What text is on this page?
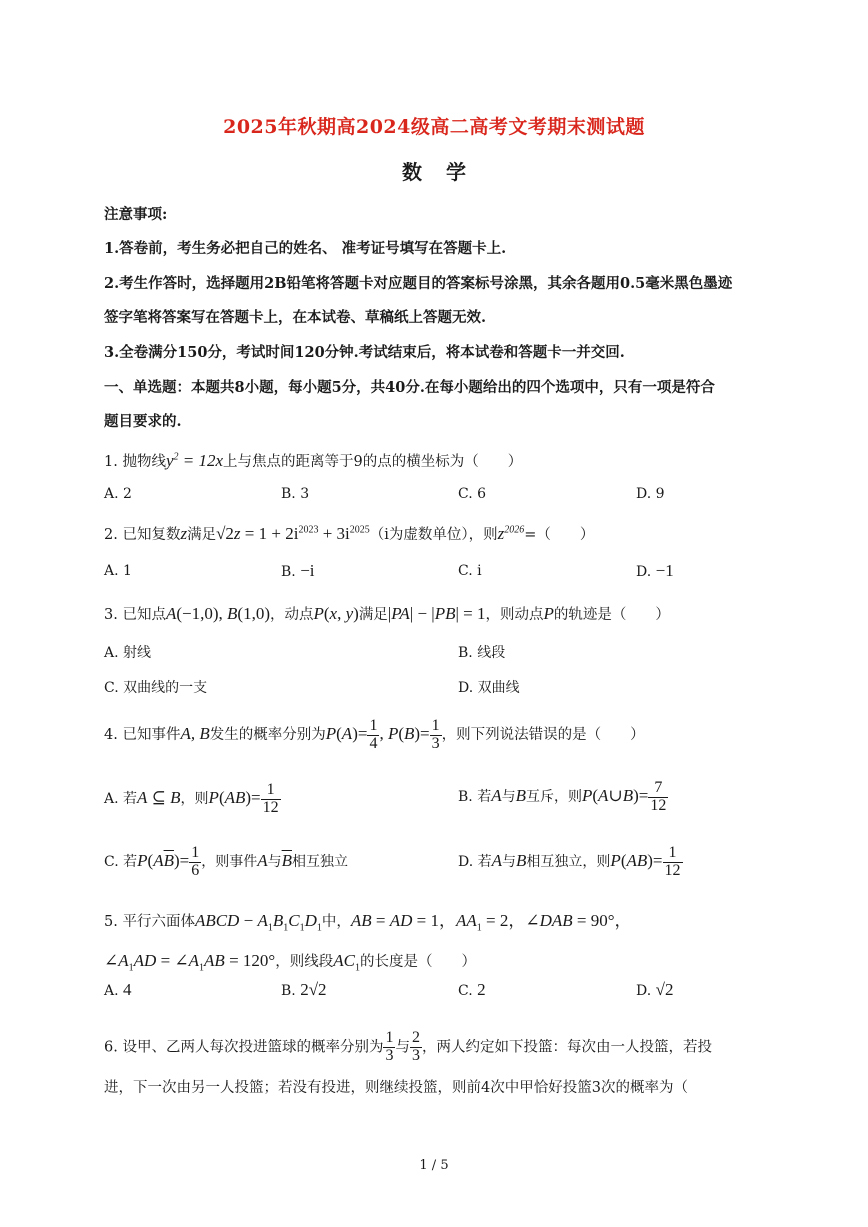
2025年秋期高2024级高二高考文考期末测试题
数学
注意事项:
1.答卷前，考生务必把自己的姓名、 准考证号填写在答题卡上.
2.考生作答时，选择题用2B铅笔将答题卡对应题目的答案标号涂黑，其余各题用0.5毫米黑色墨迹
签字笔将答案写在答题卡上，在本试卷、草稿纸上答题无效.
3.全卷满分150分，考试时间120分钟.考试结束后，将本试卷和答题卡一并交回.
一、单选题：本题共8小题，每小题5分，共40分.在每小题给出的四个选项中，只有一项是符合
题目要求的.
1. 抛物线$y^2 = 12x$上与焦点的距离等于9的点的横坐标为（　　）
A. 2	B. 3	C. 6	D. 9
2. 已知复数z满足$√2z = 1 + 2i^{2023} + 3i^{2025}(i$为虚数单位），则$z^{2026}=$（　　）
A. 1	B. −i	C. i	D. −1
3. 已知点A(−1,0), B(1,0)，动点P(x, y)满足|PA| − |PB| = 1，则动点P的轨迹是（　　）
A. 射线	B. 线段
C. 双曲线的一支	D. 双曲线
4. 已知事件A, B发生的概率分别为$P(A)= \frac{1}{4}$ , $P(B)= \frac{1}{3}$ ，则下列说法错误的是（　　）
A. 若A ⊆ B，则$P(AB)= \frac{1}{12}$	B. 若A与B互斥，则P(A∪B)= $\frac{7}{12}$
C. 若$P(A\overline{B})= \frac{1}{6}$ ，则事件A与$\overline{B}$相互独立	D. 若A与B相互独立，则$P(AB)= \frac{1}{12}$
5. 平行六面体ABCD − $A_1B_1C_1D_1$中，AB = AD = 1，$AA_1 = 2$，∠DAB = 90°，
$\angle A_1AD$ = $\angle A_1AB = 120^\circ$，则线段$AC_1$的长度是（　　）
A. 4	B. 2√2	C. 2	D. √2
6. 设甲、乙两人每次投进篮球的概率分别为 $\frac{1}{3}$ 与 $\frac{2}{3}$ ，两人约定如下投篮：每次由一人投篮，若投
进，下一次由另一人投篮；若没有投进，则继续投篮，则前4次中甲恰好投篮3次的概率为（
1 / 5
